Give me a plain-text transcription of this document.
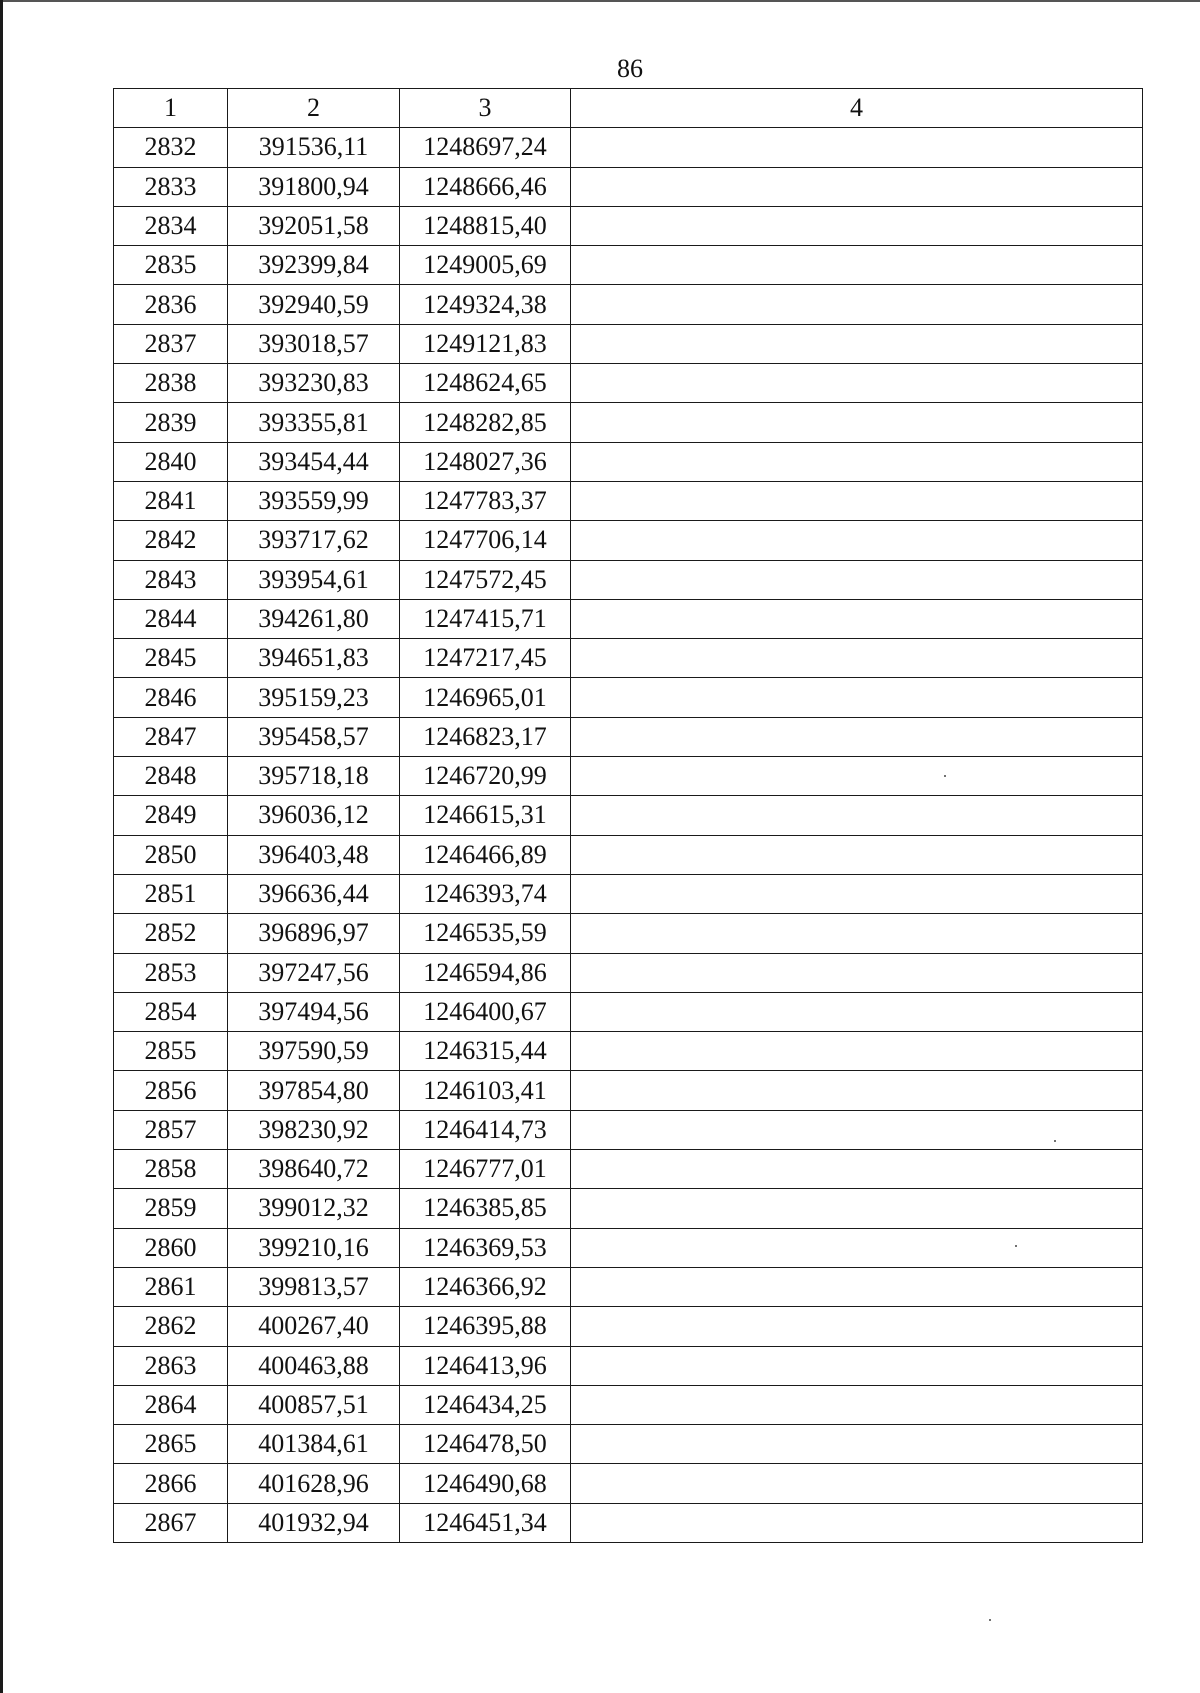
86
1	2	3	4
2832	391536,11	1248697,24	
2833	391800,94	1248666,46	
2834	392051,58	1248815,40	
2835	392399,84	1249005,69	
2836	392940,59	1249324,38	
2837	393018,57	1249121,83	
2838	393230,83	1248624,65	
2839	393355,81	1248282,85	
2840	393454,44	1248027,36	
2841	393559,99	1247783,37	
2842	393717,62	1247706,14	
2843	393954,61	1247572,45	
2844	394261,80	1247415,71	
2845	394651,83	1247217,45	
2846	395159,23	1246965,01	
2847	395458,57	1246823,17	
2848	395718,18	1246720,99	
2849	396036,12	1246615,31	
2850	396403,48	1246466,89	
2851	396636,44	1246393,74	
2852	396896,97	1246535,59	
2853	397247,56	1246594,86	
2854	397494,56	1246400,67	
2855	397590,59	1246315,44	
2856	397854,80	1246103,41	
2857	398230,92	1246414,73	
2858	398640,72	1246777,01	
2859	399012,32	1246385,85	
2860	399210,16	1246369,53	
2861	399813,57	1246366,92	
2862	400267,40	1246395,88	
2863	400463,88	1246413,96	
2864	400857,51	1246434,25	
2865	401384,61	1246478,50	
2866	401628,96	1246490,68	
2867	401932,94	1246451,34	
